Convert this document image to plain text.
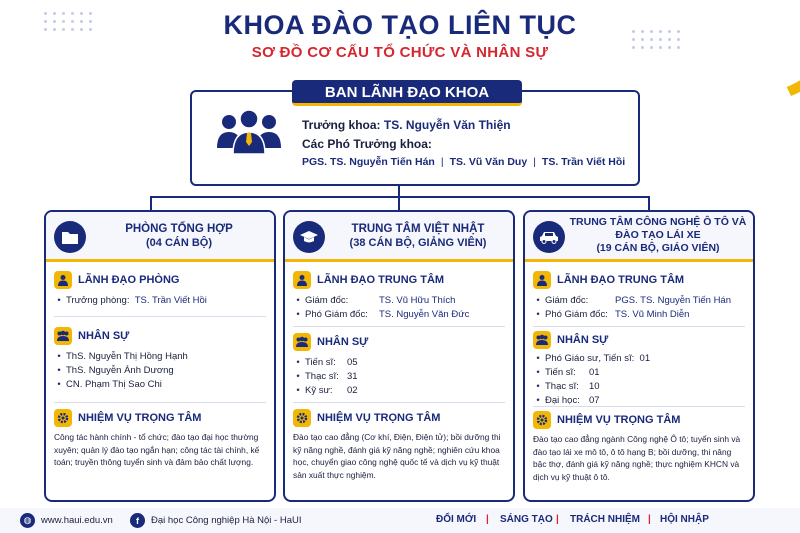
KHOA ĐÀO TẠO LIÊN TỤC
SƠ ĐỒ CƠ CẤU TỔ CHỨC VÀ NHÂN SỰ
BAN LÃNH ĐẠO KHOA
Trưởng khoa: TS. Nguyễn Văn Thiện
Các Phó Trưởng khoa:
PGS. TS. Nguyễn Tiến Hán | TS. Vũ Văn Duy | TS. Trần Viết Hồi
PHÒNG TỔNG HỢP
(04 CÁN BỘ)
LÃNH ĐẠO PHÒNG
• Trưởng phòng:
TS. Trần Viết Hồi
NHÂN SỰ
• ThS. Nguyễn Thị Hồng Hạnh
• ThS. Nguyễn Ánh Dương
• CN. Phạm Thị Sao Chi
NHIỆM VỤ TRỌNG TÂM
Công tác hành chính - tổ chức; đào tạo đại học thường xuyên; quản lý đào tạo ngắn hạn; công tác tài chính, kế toán; truyền thông tuyển sinh và đảm bảo chất lượng.
TRUNG TÂM VIỆT NHẬT
(38 CÁN BỘ, GIẢNG VIÊN)
LÃNH ĐẠO TRUNG TÂM
• Giám đốc:	TS. Vũ Hữu Thích
• Phó Giám đốc:	TS. Nguyễn Văn Đức
NHÂN SỰ
• Tiến sĩ:	05
• Thạc sĩ: 31
• Kỹ sư:	02
NHIỆM VỤ TRỌNG TÂM
Đào tạo cao đẳng (Cơ khí, Điện, Điện tử); bồi dưỡng thi kỹ năng nghề, đánh giá kỹ năng nghề; nghiên cứu khoa học, chuyển giao công nghệ quốc tế và dịch vụ kỹ thuật sản xuất thực nghiệm.
TRUNG TÂM CÔNG NGHỆ Ô TÔ VÀ ĐÀO TẠO LÁI XE
(19 CÁN BỘ, GIÁO VIÊN)
LÃNH ĐẠO TRUNG TÂM
• Giám đốc:	PGS. TS. Nguyễn Tiến Hán
• Phó Giám đốc: TS. Vũ Minh Diễn
NHÂN SỰ
• Phó Giáo sư, Tiến sĩ:
01
• Tiến sĩ:	01
• Thạc sĩ:	10
• Đại học: 07
NHIỆM VỤ TRỌNG TÂM
Đào tạo cao đẳng ngành Công nghệ Ô tô; tuyển sinh và đào tạo lái xe mô tô, ô tô hạng B; bồi dưỡng, thi nâng bậc thợ, đánh giá kỹ năng nghề; thực nghiệm KHCN và dịch vụ kỹ thuật ô tô.
◍	www.haui.edu.vn	f	Đại học Công nghiệp Hà Nội - HaUI	ĐỔI MỚI | SÁNG TẠO | TRÁCH NHIỆM | HỘI NHẬP
